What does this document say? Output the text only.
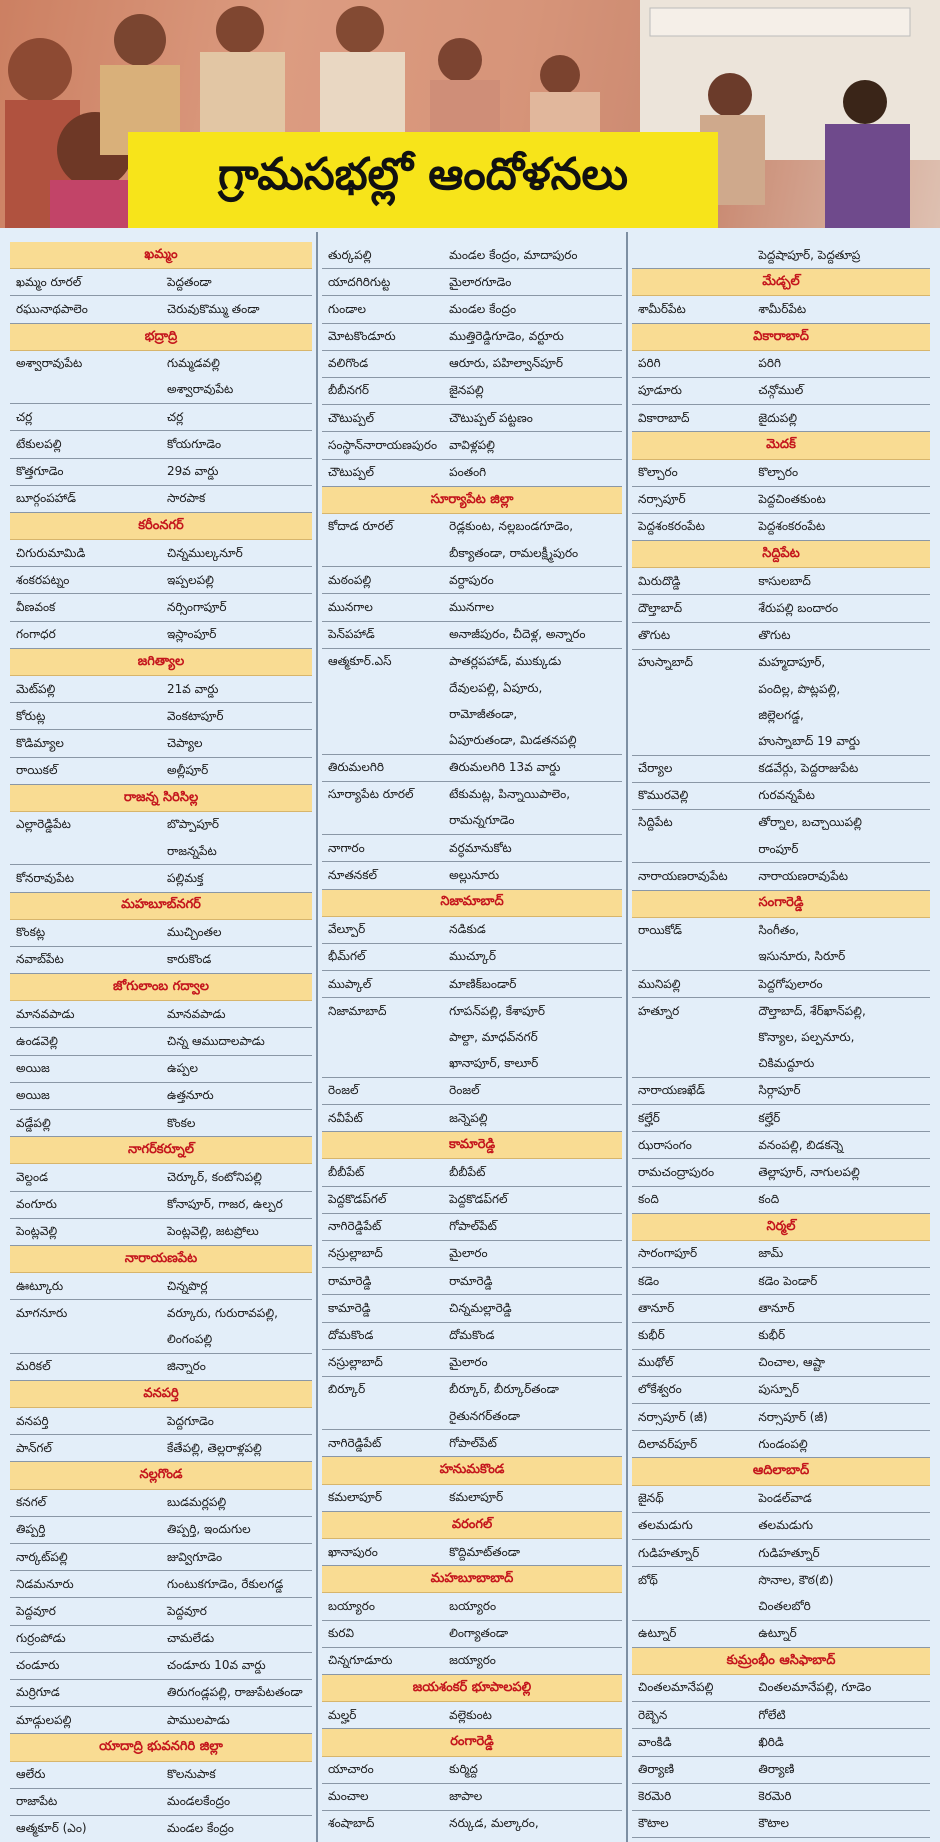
గ్రామసభల్లో ఆందోళనలు
ఖమ్మం	
ఖమ్మం రూరల్	పెద్దతండా
రఘునాథపాలెం	చెరువుకొమ్ము తండా
భద్రాద్రి	
అశ్వారావుపేట	గుమ్మడవల్లి
	అశ్వారావుపేట
చర్ల	చర్ల
టేకులపల్లి	కోయగూడెం
కొత్తగూడెం	29వ వార్డు
బూర్గంపహాడ్	సారపాక
కరీంనగర్	
చిగురుమామిడి	చిన్నముల్కనూర్
శంకరపట్నం	ఇప్పలపల్లి
వీణవంక	నర్సింగాపూర్
గంగాధర	ఇస్లాంపూర్
జగిత్యాల	
మెట్‌పల్లి	21వ వార్డు
కోరుట్ల	వెంకటాపూర్
కొడిమ్యాల	చెప్యాల
రాయికల్	అల్లీపూర్
రాజన్న సిరిసిల్ల	
ఎల్లారెడ్డిపేట	బొప్పాపూర్
	రాజన్నపేట
కోనరావుపేట	పల్లిమక్త
మహబూబ్‌నగర్	
కొంకట్ల	ముచ్చింతల
నవాబ్‌పేట	కారుకొండ
జోగులాంబ గద్వాల	
మానవపాడు	మానవపాడు
ఉండవెల్లి	చిన్న ఆముదాలపాడు
అయిజ	ఉప్పల
అయిజ	ఉత్తనూరు
వడ్డేపల్లి	కొంకల
నాగర్‌కర్నూల్	
వెల్దండ	చెర్కూర్, కంటోనిపల్లి
వంగూరు	కోనాపూర్, గాజర, ఉల్పర
పెంట్లవెల్లి	పెంట్లవెల్లి, జటప్రోలు
నారాయణపేట	
ఊట్కూరు	చిన్నపొర్ల
మాగనూరు	వర్కూరు, గురురావపల్లి,
	లింగంపల్లి
మరికల్	జిన్నారం
వనపర్తి	
వనపర్తి	పెద్దగూడెం
పాన్‌గల్	కేతేపల్లి, తెల్లరాళ్లపల్లి
నల్లగొండ	
కనగల్	బుడమర్లపల్లి
తిప్పర్తి	తిప్పర్తి, ఇందుగుల
నార్కట్‌పల్లి	జువ్విగూడెం
నిడమనూరు	గుంటుకగూడెం, రేకులగడ్డ
పెద్దవూర	పెద్దవూర
గుర్రంపోడు	చామలేడు
చండూరు	చండూరు 10వ వార్డు
మర్రిగూడ	తిరుగండ్లపల్లి, రాజుపేటతండా
మాడ్గులపల్లి	పాములపాడు
యాదాద్రి భువనగిరి జిల్లా	
ఆలేరు	కొలనుపాక
రాజాపేట	మండలకేంద్రం
ఆత్మకూర్ (ఎం)	మండల కేంద్రం
తుర్కపల్లి	మండల కేంద్రం, మాదాపురం
యాదగిరిగుట్ట	మైలారగూడెం
గుండాల	మండల కేంద్రం
మోటకొండూరు	ముత్తిరెడ్డిగూడెం, వర్టూరు
వలిగొండ	ఆరూరు, పహిల్వాన్‌పూర్
బీబీనగర్	జైనపల్లి
చౌటుప్పల్	చౌటుప్పల్ పట్టణం
సంస్థాన్‌నారాయణపురం	వావిళ్లపల్లి
చౌటుప్పల్	పంతంగి
సూర్యాపేట జిల్లా	
కోదాడ రూరల్	రెడ్లకుంట, నల్లబండగూడెం,
	బీక్యాతండా, రామలక్ష్మీపురం
మఠంపల్లి	వర్దాపురం
మునగాల	మునగాల
పెన్‌పహాడ్	అనాజీపురం, చీదెళ్ల, అన్నారం
ఆత్మకూర్.ఎస్	పాతర్లపహాడ్, ముక్కుడు
	దేవులపల్లి, ఏపూరు,
	రామోజీతండా,
	ఏపూరుతండా, మిడతనపల్లి
తిరుమలగిరి	తిరుమలగిరి 13వ వార్డు
సూర్యాపేట రూరల్	టేకుమట్ల, పిన్నాయిపాలెం,
	రామన్నగూడెం
నాగారం	వర్ధమానుకోట
నూతనకల్	అల్లునూరు
నిజామాబాద్	
వేల్పూర్	నడికుడ
భీమ్‌గల్	ముచ్కూర్
ముప్కాల్	మాణిక్‌బండార్
నిజామాబాద్	గూపన్‌పల్లి, కేశాపూర్
	పాల్దా, మాధవ్‌నగర్
	ఖానాపూర్, కాలూర్
రెంజల్	రెంజల్
నవీపేట్	జన్నెపల్లి
కామారెడ్డి	
బీబీపేట్	బీబీపేట్
పెద్దకొడప్‌గల్	పెద్దకొడప్‌గల్
నాగిరెడ్డిపేట్	గోపాల్‌పేట్
నస్రుల్లాబాద్	మైలారం
రామారెడ్డి	రామారెడ్డి
కామారెడ్డి	చిన్నమల్లారెడ్డి
దోమకొండ	దోమకొండ
నస్రుల్లాబాద్	మైలారం
బిర్కూర్	బీర్కూర్, బీర్కూర్‌తండా
	రైతునగర్‌తండా
నాగిరెడ్డిపేట్	గోపాల్‌పేట్
హనుమకొండ	
కమలాపూర్	కమలాపూర్
వరంగల్	
ఖానాపురం	కొద్దిమాట్‌తండా
మహబూబాబాద్	
బయ్యారం	బయ్యారం
కురవి	లింగ్యాతండా
చిన్నగూడూరు	జయ్యారం
జయశంకర్ భూపాలపల్లి	
మల్హర్	వల్లెకుంట
రంగారెడ్డి	
యాచారం	కుర్మిద్ద
మంచాల	జాపాల
శంషాబాద్	నర్కుడ, మల్కారం,
	పెద్దషాపూర్, పెద్దతూప్ర
మేడ్చల్	
శామీర్‌పేట	శామీర్‌పేట
వికారాబాద్	
పరిగి	పరిగి
పూడూరు	చన్గోముల్
వికారాబాద్	జైదుపల్లి
మెదక్	
కొల్చారం	కొల్చారం
నర్సాపూర్	పెద్దచింతకుంట
పెద్దశంకరంపేట	పెద్దశంకరంపేట
సిద్దిపేట	
మిరుదొడ్డి	కాసులబాద్
దౌల్తాబాద్	శేరుపల్లి బందారం
తొగుట	తొగుట
హుస్నాబాద్	మహ్మదాపూర్,
	పందిల్ల, పొట్లపల్లి,
	జిల్లెలగడ్డ,
	హుస్నాబాద్ 19 వార్డు
చేర్యాల	కడవేర్గు, పెద్దరాజుపేట
కొమురవెల్లి	గురవన్నపేట
సిద్దిపేట	తోర్నాల, బచ్చాయిపల్లి
	రాంపూర్
నారాయణరావుపేట	నారాయణరావుపేట
సంగారెడ్డి	
రాయికోడ్	సింగీతం,
	ఇసునూరు, సిరూర్
మునిపల్లి	పెద్దగోపులారం
హత్నూర	దౌల్తాబాద్, శేర్‌ఖాన్‌పల్లి,
	కొన్యాల, పల్పనూరు,
	చికిమద్దూరు
నారాయణఖేడ్	సిర్గాపూర్
కల్హేర్	కల్హేర్
ఝరాసంగం	వనంపల్లి, బిడకన్నె
రామచంద్రాపురం	తెల్లాపూర్, నాగులపల్లి
కంది	కంది
నిర్మల్	
సారంగాపూర్	జామ్
కడెం	కడెం పెండార్
తానూర్	తానూర్
కుభీర్	కుభీర్
ముథోల్	చించాల, ఆష్టా
లోకేశ్వరం	పుస్పూర్
నర్సాపూర్ (జీ)	నర్సాపూర్ (జీ)
దిలావర్‌పూర్	గుండంపల్లి
ఆదిలాబాద్	
జైనథ్	పెండల్‌వాడ
తలమడుగు	తలమడుగు
గుడిహత్నూర్	గుడిహత్నూర్
బోథ్	సొనాల, కౌఠ(బి)
	చింతలబోరి
ఉట్నూర్	ఉట్నూర్
కుమ్రంభీం ఆసిఫాబాద్	
చింతలమానేపల్లి	చింతలమానేపల్లి, గూడెం
రెబ్బెన	గోలేటి
వాంకిడి	ఖిరిడి
తిర్యాణి	తిర్యాణి
కెరమెరి	కెరమెరి
కౌటాల	కౌటాల
